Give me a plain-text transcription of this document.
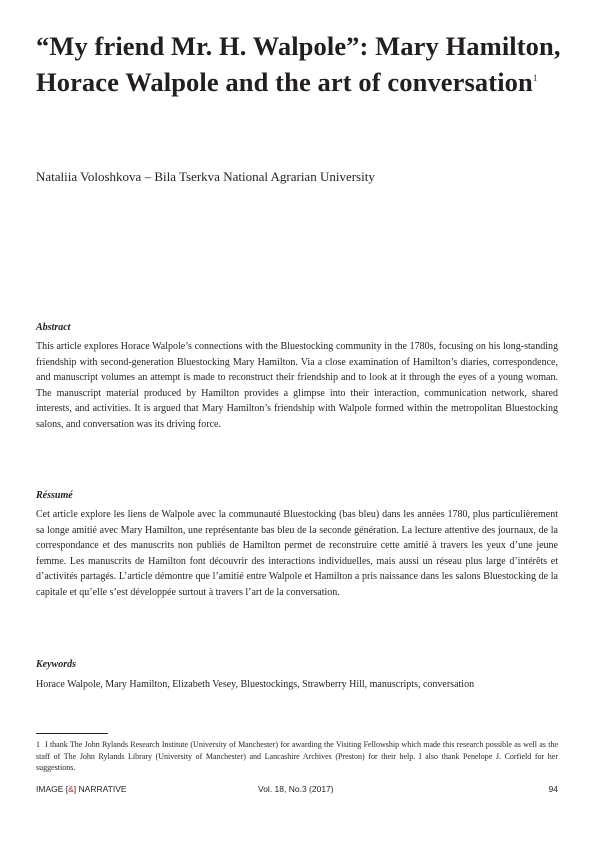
“My friend Mr. H. Walpole”: Mary Hamilton, Horace Walpole and the art of conversation$^1$
Nataliia Voloshkova – Bila Tserkva National Agrarian University
Abstract

This article explores Horace Walpole’s connections with the Bluestocking community in the 1780s, focusing on his long-standing friendship with second-generation Bluestocking Mary Hamilton. Via a close examination of Hamilton’s diaries, correspondence, and manuscript volumes an attempt is made to reconstruct their friendship and to look at it through the eyes of a young woman. The manuscript material produced by Hamilton provides a glimpse into their interaction, communication network, shared interests, and activities. It is argued that Mary Hamilton’s friendship with Walpole formed within the metropolitan Bluestocking salons, and conversation was its driving force.

Réssumé

Cet article explore les liens de Walpole avec la communauté Bluestocking (bas bleu) dans les années 1780, plus particulièrement sa longe amitié avec Mary Hamilton, une représentante bas bleu de la seconde génération. La lecture attentive des journaux, de la correspondance et des manuscrits non publiés de Hamilton permet de reconstruire cette amitié à travers les yeux d’une jeune femme. Les manuscrits de Hamilton font découvrir des interactions individuelles, mais aussi un réseau plus large d’intérêts et d’activités partagés. L’article démontre que l’amitié entre Walpole et Hamilton a pris naissance dans les salons Bluestocking de la capitale et qu’elle s’est développée surtout à travers l’art de la conversation.

Keywords

Horace Walpole, Mary Hamilton, Elizabeth Vesey, Bluestockings, Strawberry Hill, manuscripts, conversation

1 I thank The John Rylands Research Institute (University of Manchester) for awarding the Visiting Fellowship which made this research possible as well as the staff of The John Rylands Library (University of Manchester) and Lancashire Archives (Preston) for their help. I also thank Penelope J. Corfield for her suggestions.

IMAGE [&] NARRATIVE	Vol. 18, No.3 (2017)	94
